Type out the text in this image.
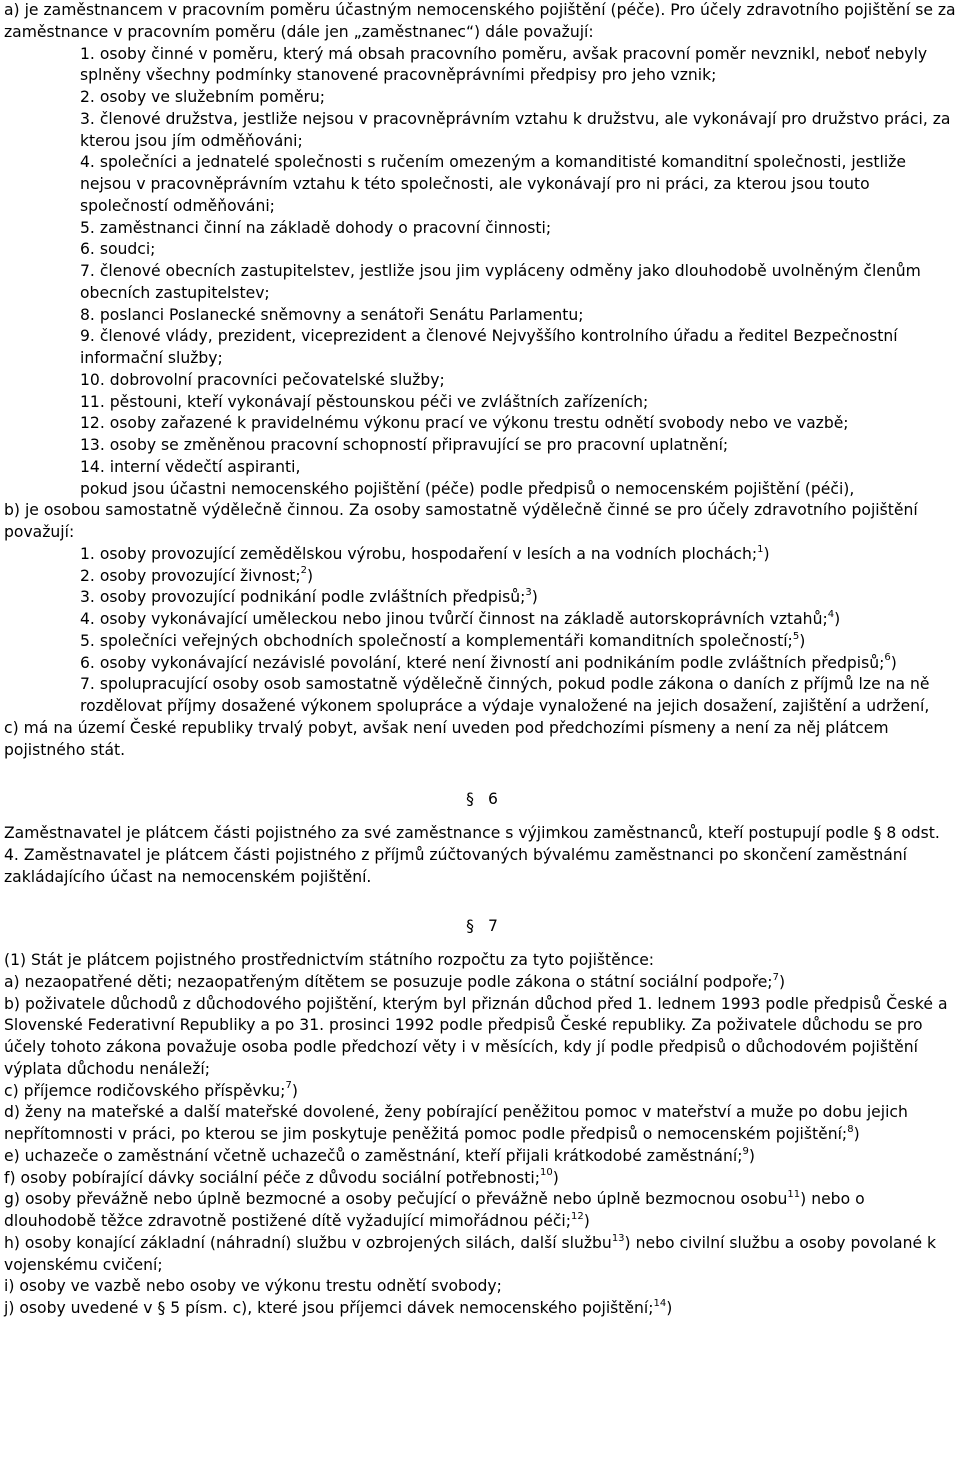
a) je zaměstnancem v pracovním poměru účastným nemocenského pojištění (péče). Pro účely zdravotního pojištění se za zaměstnance v pracovním poměru (dále jen „zaměstnanec“) dále považují:

1. osoby činné v poměru, který má obsah pracovního poměru, avšak pracovní poměr nevznikl, neboť nebyly splněny všechny podmínky stanovené pracovněprávními předpisy pro jeho vznik;

2. osoby ve služebním poměru;

3. členové družstva, jestliže nejsou v pracovněprávním vztahu k družstvu, ale vykonávají pro družstvo práci, za kterou jsou jím odměňováni;

4. společníci a jednatelé společnosti s ručením omezeným a komanditisté komanditní společnosti, jestliže nejsou v pracovněprávním vztahu k této společnosti, ale vykonávají pro ni práci, za kterou jsou touto společností odměňováni;

5. zaměstnanci činní na základě dohody o pracovní činnosti;

6. soudci;

7. členové obecních zastupitelstev, jestliže jsou jim vypláceny odměny jako dlouhodobě uvolněným členům obecních zastupitelstev;

8. poslanci Poslanecké sněmovny a senátoři Senátu Parlamentu;

9. členové vlády, prezident, viceprezident a členové Nejvyššího kontrolního úřadu a ředitel Bezpečnostní informační služby;

10. dobrovolní pracovníci pečovatelské služby;

11. pěstouni, kteří vykonávají pěstounskou péči ve zvláštních zařízeních;

12. osoby zařazené k pravidelnému výkonu prací ve výkonu trestu odnětí svobody nebo ve vazbě;

13. osoby se změněnou pracovní schopností připravující se pro pracovní uplatnění;

14. interní vědečtí aspiranti,

pokud jsou účastni nemocenského pojištění (péče) podle předpisů o nemocenském pojištění (péči),

b) je osobou samostatně výdělečně činnou. Za osoby samostatně výdělečně činné se pro účely zdravotního pojištění považují:

1. osoby provozující zemědělskou výrobu, hospodaření v lesích a na vodních plochách;$^1$)

2. osoby provozující živnost;$^2$)

3. osoby provozující podnikání podle zvláštních předpisů;$^3$)

4. osoby vykonávající uměleckou nebo jinou tvůrčí činnost na základě autorskoprávních vztahů;$^4$)

5. společníci veřejných obchodních společností a komplementáři komanditních společností;$^5$)

6. osoby vykonávající nezávislé povolání, které není živností ani podnikáním podle zvláštních předpisů;$^6$)

7. spolupracující osoby osob samostatně výdělečně činných, pokud podle zákona o daních z příjmů lze na ně rozdělovat příjmy dosažené výkonem spolupráce a výdaje vynaložené na jejich dosažení, zajištění a udržení,

c) má na území České republiky trvalý pobyt, avšak není uveden pod předchozími písmeny a není za něj plátcem pojistného stát.

§ 6

Zaměstnavatel je plátcem části pojistného za své zaměstnance s výjimkou zaměstnanců, kteří postupují podle § 8 odst. 4. Zaměstnavatel je plátcem části pojistného z příjmů zúčtovaných bývalému zaměstnanci po skončení zaměstnání zakládajícího účast na nemocenském pojištění.

§ 7

(1) Stát je plátcem pojistného prostřednictvím státního rozpočtu za tyto pojištěnce:

a) nezaopatřené děti; nezaopatřeným dítětem se posuzuje podle zákona o státní sociální podpoře;$^7$)

b) poživatele důchodů z důchodového pojištění, kterým byl přiznán důchod před 1. lednem 1993 podle předpisů České a Slovenské Federativní Republiky a po 31. prosinci 1992 podle předpisů České republiky. Za poživatele důchodu se pro účely tohoto zákona považuje osoba podle předchozí věty i v měsících, kdy jí podle předpisů o důchodovém pojištění výplata důchodu nenáleží;

c) příjemce rodičovského příspěvku;$^7$)

d) ženy na mateřské a další mateřské dovolené, ženy pobírající peněžitou pomoc v mateřství a muže po dobu jejich nepřítomnosti v práci, po kterou se jim poskytuje peněžitá pomoc podle předpisů o nemocenském pojištění;$^8$)

e) uchazeče o zaměstnání včetně uchazečů o zaměstnání, kteří přijali krátkodobé zaměstnání;$^9$)

f) osoby pobírající dávky sociální péče z důvodu sociální potřebnosti;$^{10}$)

g) osoby převážně nebo úplně bezmocné a osoby pečující o převážně nebo úplně bezmocnou osobu$^{11}$) nebo o dlouhodobě těžce zdravotně postižené dítě vyžadující mimořádnou péči;$^{12}$)

h) osoby konající základní (náhradní) službu v ozbrojených silách, další službu$^{13}$) nebo civilní službu a osoby povolané k vojenskému cvičení;

i) osoby ve vazbě nebo osoby ve výkonu trestu odnětí svobody;

j) osoby uvedené v § 5 písm. c), které jsou příjemci dávek nemocenského pojištění;$^{14}$)
